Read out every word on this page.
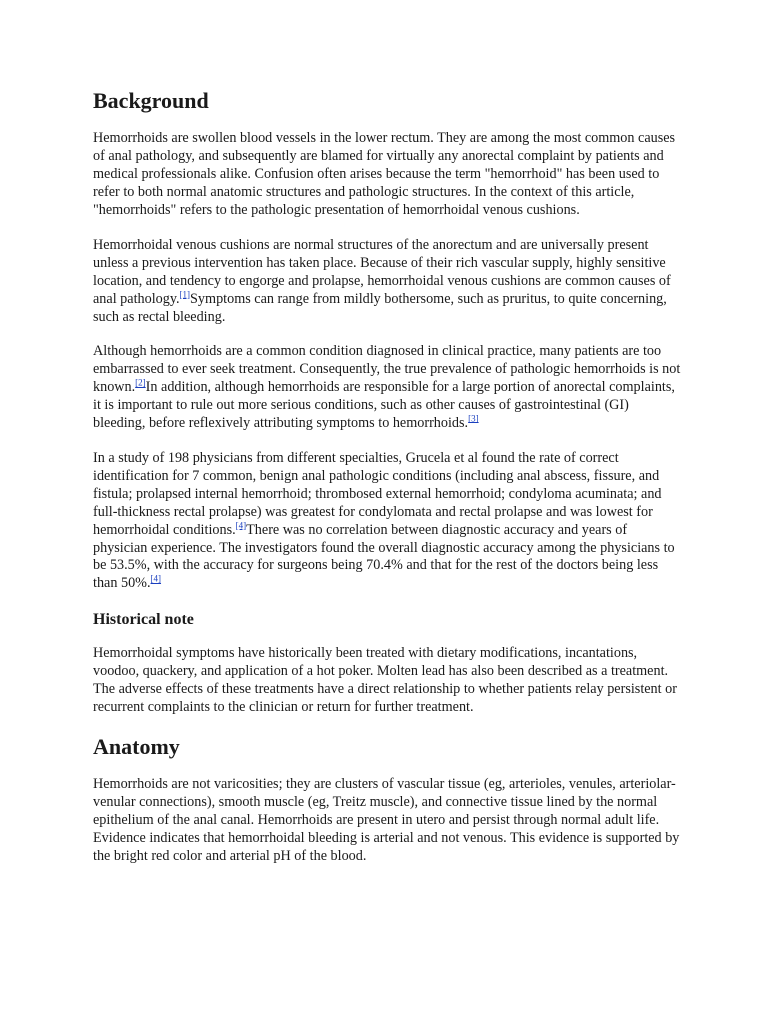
Background

Hemorrhoids are swollen blood vessels in the lower rectum. They are among the most common causes of anal pathology, and subsequently are blamed for virtually any anorectal complaint by patients and medical professionals alike. Confusion often arises because the term "hemorrhoid" has been used to refer to both normal anatomic structures and pathologic structures. In the context of this article, "hemorrhoids" refers to the pathologic presentation of hemorrhoidal venous cushions.

Hemorrhoidal venous cushions are normal structures of the anorectum and are universally present unless a previous intervention has taken place. Because of their rich vascular supply, highly sensitive location, and tendency to engorge and prolapse, hemorrhoidal venous cushions are common causes of anal pathology.[1]Symptoms can range from mildly bothersome, such as pruritus, to quite concerning, such as rectal bleeding.

Although hemorrhoids are a common condition diagnosed in clinical practice, many patients are too embarrassed to ever seek treatment. Consequently, the true prevalence of pathologic hemorrhoids is not known.[2]In addition, although hemorrhoids are responsible for a large portion of anorectal complaints, it is important to rule out more serious conditions, such as other causes of gastrointestinal (GI) bleeding, before reflexively attributing symptoms to hemorrhoids.[3]

In a study of 198 physicians from different specialties, Grucela et al found the rate of correct identification for 7 common, benign anal pathologic conditions (including anal abscess, fissure, and fistula; prolapsed internal hemorrhoid; thrombosed external hemorrhoid; condyloma acuminata; and full-thickness rectal prolapse) was greatest for condylomata and rectal prolapse and was lowest for hemorrhoidal conditions.[4]There was no correlation between diagnostic accuracy and years of physician experience. The investigators found the overall diagnostic accuracy among the physicians to be 53.5%, with the accuracy for surgeons being 70.4% and that for the rest of the doctors being less than 50%.[4]

Historical note

Hemorrhoidal symptoms have historically been treated with dietary modifications, incantations, voodoo, quackery, and application of a hot poker. Molten lead has also been described as a treatment. The adverse effects of these treatments have a direct relationship to whether patients relay persistent or recurrent complaints to the clinician or return for further treatment.

Anatomy

Hemorrhoids are not varicosities; they are clusters of vascular tissue (eg, arterioles, venules, arteriolar-venular connections), smooth muscle (eg, Treitz muscle), and connective tissue lined by the normal epithelium of the anal canal. Hemorrhoids are present in utero and persist through normal adult life. Evidence indicates that hemorrhoidal bleeding is arterial and not venous. This evidence is supported by the bright red color and arterial pH of the blood.
